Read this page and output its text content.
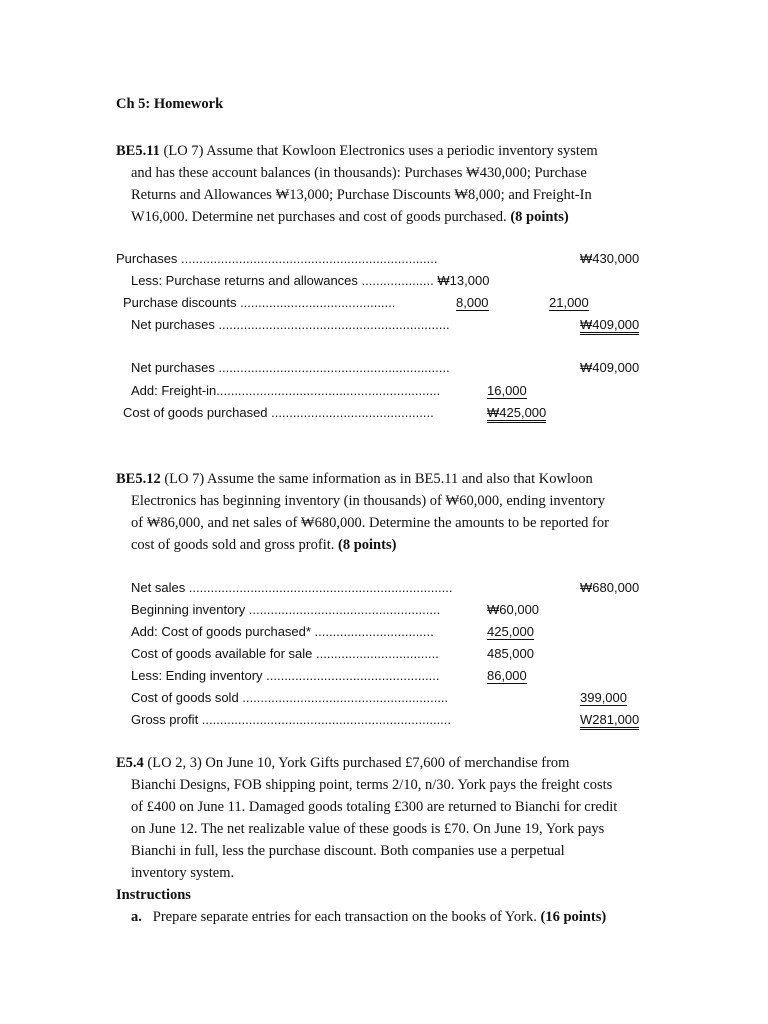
Ch 5: Homework
BE5.11 (LO 7) Assume that Kowloon Electronics uses a periodic inventory system
and has these account balances (in thousands): Purchases ₩430,000; Purchase
Returns and Allowances ₩13,000; Purchase Discounts ₩8,000; and Freight-In
W16,000. Determine net purchases and cost of goods purchased. (8 points)
Purchases .......................................................................	₩430,000
Less: Purchase returns and allowances .................... ₩13,000
Purchase discounts ...........................................	8,000	21,000
Net purchases ................................................................	₩409,000
Net purchases ................................................................	₩409,000
Add: Freight-in..............................................................	16,000
Cost of goods purchased .............................................	₩425,000
BE5.12 (LO 7) Assume the same information as in BE5.11 and also that Kowloon
Electronics has beginning inventory (in thousands) of ₩60,000, ending inventory
of ₩86,000, and net sales of ₩680,000. Determine the amounts to be reported for
cost of goods sold and gross profit. (8 points)
Net sales .........................................................................	₩680,000
Beginning inventory .....................................................	₩60,000
Add: Cost of goods purchased* .................................	425,000
Cost of goods available for sale ..................................	485,000
Less: Ending inventory ................................................	86,000
Cost of goods sold .........................................................	399,000
Gross profit .....................................................................	W281,000
E5.4 (LO 2, 3) On June 10, York Gifts purchased £7,600 of merchandise from
Bianchi Designs, FOB shipping point, terms 2/10, n/30. York pays the freight costs
of £400 on June 11. Damaged goods totaling £300 are returned to Bianchi for credit
on June 12. The net realizable value of these goods is £70. On June 19, York pays
Bianchi in full, less the purchase discount. Both companies use a perpetual
inventory system.
Instructions
a. Prepare separate entries for each transaction on the books of York. (16 points)
